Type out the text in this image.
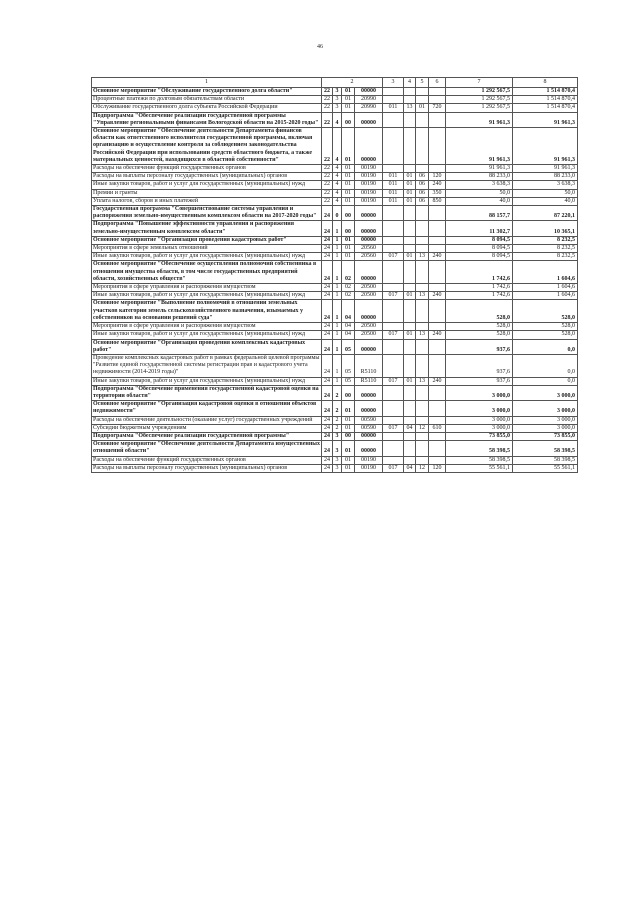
46
1	2				3	4	5	6	7	8
Основное мероприятие "Обслуживание государственного долга области"	22	3	01	00000					1 292 567,5	1 514 870,4
Процентные платежи по долговым обязательствам области	22	3	01	20990					1 292 567,5	1 514 870,4
Обслуживание государственного долга субъекта Российской Федерации	22	3	01	20990	011	13	01	720	1 292 567,5	1 514 870,4
Подпрограмма "Обеспечение реализации государственной программы "Управление региональными финансами Вологодской области на 2015-2020 годы"	22	4	00	00000					91 961,3	91 961,3
Основное мероприятие "Обеспечение деятельности Департамента финансов области как ответственного исполнителя государственной программы, включая организацию и осуществление контроля за соблюдением законодательства Российской Федерации при использовании средств областного бюджета, а также материальных ценностей, находящихся в областной собственности"	22	4	01	00000					91 961,3	91 961,3
Расходы на обеспечение функций государственных органов	22	4	01	00190					91 961,3	91 961,3
Расходы на выплаты персоналу государственных (муниципальных) органов	22	4	01	00190	011	01	06	120	88 233,0	88 233,0
Иные закупки товаров, работ и услуг для государственных (муниципальных) нужд	22	4	01	00190	011	01	06	240	3 638,3	3 638,3
Премии и гранты	22	4	01	00190	011	01	06	350	50,0	50,0
Уплата налогов, сборов и иных платежей	22	4	01	00190	011	01	06	850	40,0	40,0
Государственная программа "Совершенствование системы управления и распоряжения земельно-имущественным комплексом области на 2017-2020 годы"	24	0	00	00000					88 157,7	87 220,1
Подпрограмма "Повышение эффективности управления и распоряжения земельно-имущественным комплексом области"	24	1	00	00000					11 302,7	10 365,1
Основное мероприятие "Организация проведения кадастровых работ"	24	1	01	00000					8 094,5	8 232,5
Мероприятия в сфере земельных отношений	24	1	01	20560					8 094,5	8 232,5
Иные закупки товаров, работ и услуг для государственных (муниципальных) нужд	24	1	01	20560	017	01	13	240	8 094,5	8 232,5
Основное мероприятие "Обеспечение осуществления полномочий собственника в отношении имущества области, в том числе государственных предприятий области, хозяйственных обществ"	24	1	02	00000					1 742,6	1 604,6
Мероприятия в сфере управления и распоряжения имуществом	24	1	02	20500					1 742,6	1 604,6
Иные закупки товаров, работ и услуг для государственных (муниципальных) нужд	24	1	02	20500	017	01	13	240	1 742,6	1 604,6
Основное мероприятие "Выполнение полномочий в отношении земельных участков категории земель сельскохозяйственного назначения, изымаемых у собственников на основании решений суда"	24	1	04	00000					528,0	528,0
Мероприятия в сфере управления и распоряжения имуществом	24	1	04	20500					528,0	528,0
Иные закупки товаров, работ и услуг для государственных (муниципальных) нужд	24	1	04	20500	017	01	13	240	528,0	528,0
Основное мероприятие "Организация проведения комплексных кадастровых работ"	24	1	05	00000					937,6	0,0
Проведение комплексных кадастровых работ в рамках федеральной целевой программы "Развитие единой государственной системы регистрации прав и кадастрового учета недвижимости (2014-2019 годы)"	24	1	05	R5110					937,6	0,0
Иные закупки товаров, работ и услуг для государственных (муниципальных) нужд	24	1	05	R5110	017	01	13	240	937,6	0,0
Подпрограмма "Обеспечение применения государственной кадастровой оценки на территории области"	24	2	00	00000					3 000,0	3 000,0
Основное мероприятие "Организация кадастровой оценки в отношении объектов недвижимости"	24	2	01	00000					3 000,0	3 000,0
Расходы на обеспечение деятельности (оказание услуг) государственных учреждений	24	2	01	00590					3 000,0	3 000,0
Субсидии бюджетным учреждениям	24	2	01	00590	017	04	12	610	3 000,0	3 000,0
Подпрограмма "Обеспечение реализации государственной программы"	24	3	00	00000					73 855,0	73 855,0
Основное мероприятие "Обеспечение деятельности Департамента имущественных отношений области"	24	3	01	00000					58 398,5	58 398,5
Расходы на обеспечение функций государственных органов	24	3	01	00190					58 398,5	58 398,5
Расходы на выплаты персоналу государственных (муниципальных) органов	24	3	01	00190	017	04	12	120	55 561,1	55 561,1
